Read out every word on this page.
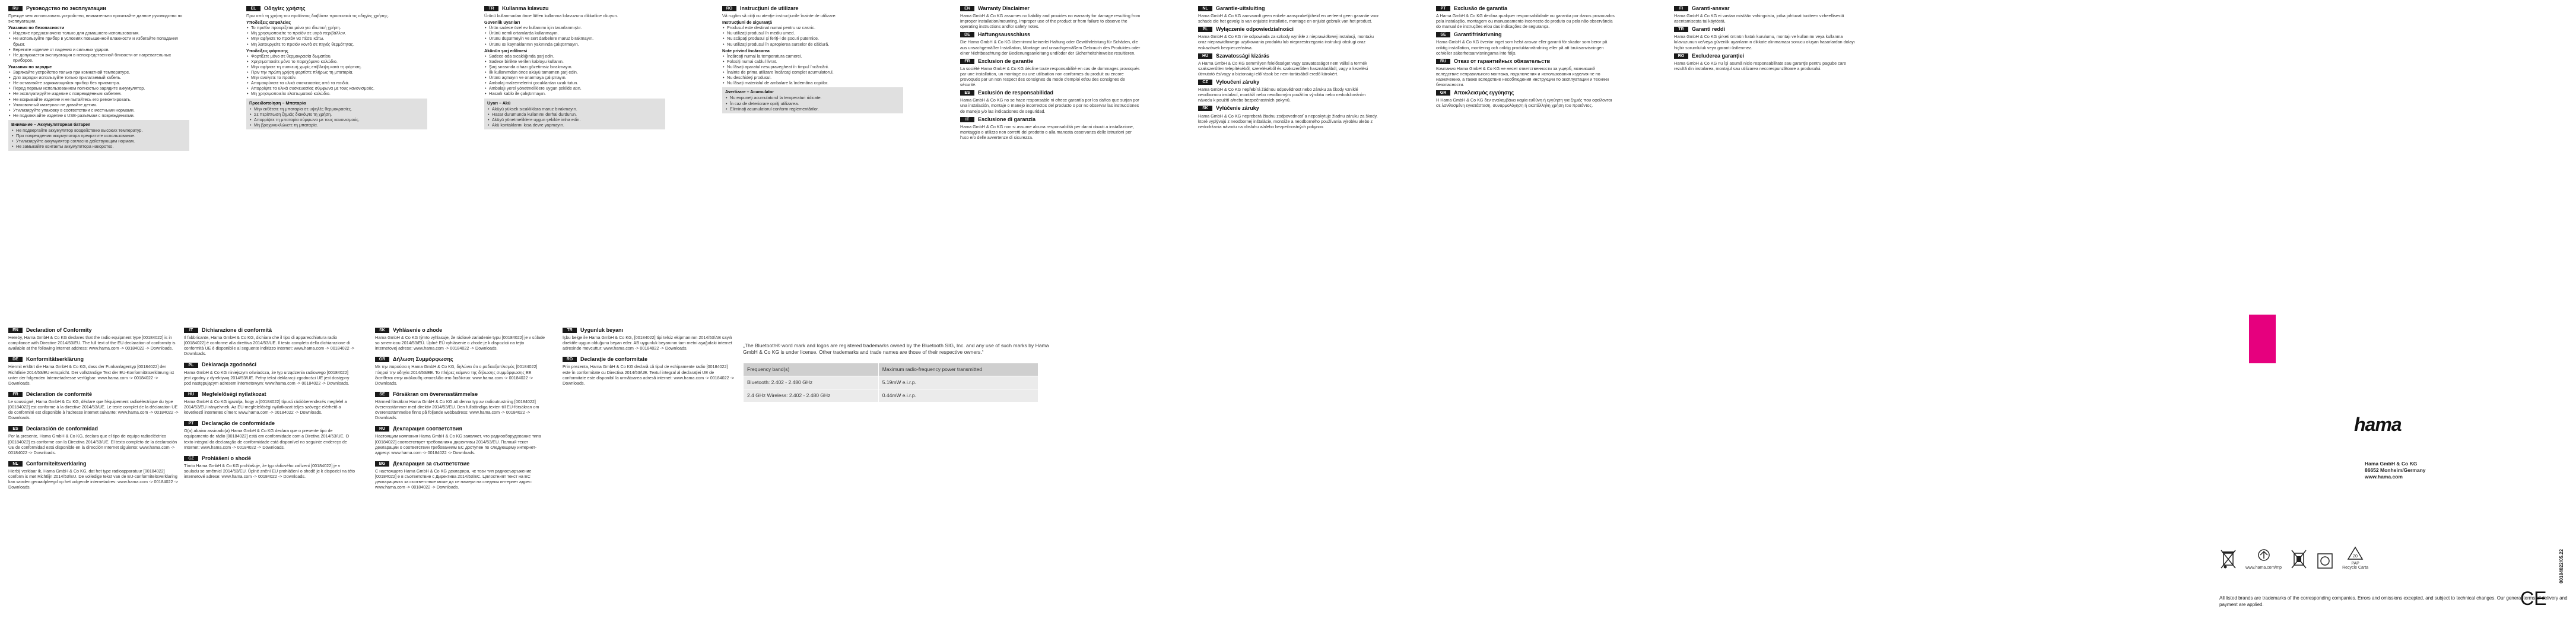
RU	Руководство по эксплуатации
Прежде чем использовать устройство, внимательно прочитайте данное руководство по эксплуатации.
Указания по безопасности
• Изделие предназначено только для домашнего использования.
• Не используйте прибор в условиях повышенной влажности и избегайте попадания брызг.
• Берегите изделие от падения и сильных ударов.
• Не допускается эксплуатация в непосредственной близости от нагревательных приборов.
Указания по зарядке
• Заряжайте устройство только при комнатной температуре.
• Для зарядки используйте только прилагаемый кабель.
• Не оставляйте заряжающийся прибор без присмотра.
• Перед первым использованием полностью зарядите аккумулятор.
• Не эксплуатируйте изделие с повреждённым кабелем.
• Не вскрывайте изделие и не пытайтесь его ремонтировать.
• Упаковочный материал не давайте детям.
• Утилизируйте упаковку в соответствии с местными нормами.
• Не подключайте изделие к USB‑разъёмам с повреждениями.
Внимание – Аккумуляторная батарея
• Не подвергайте аккумулятор воздействию высоких температур.
• При повреждении аккумулятора прекратите использование.
• Утилизируйте аккумулятор согласно действующим нормам.
• Не замыкайте контакты аккумулятора накоротко.
EL	Οδηγίες χρήσης
Πριν από τη χρήση του προϊόντος διαβάστε προσεκτικά τις οδηγίες χρήσης.
Υποδείξεις ασφαλείας
• Το προϊόν προορίζεται μόνο για ιδιωτική χρήση.
• Μη χρησιμοποιείτε το προϊόν σε υγρό περιβάλλον.
• Μην αφήνετε το προϊόν να πέσει κάτω.
• Μη λειτουργείτε το προϊόν κοντά σε πηγές θερμότητας.
Υποδείξεις φόρτισης
• Φορτίζετε μόνο σε θερμοκρασία δωματίου.
• Χρησιμοποιείτε μόνο το παρεχόμενο καλώδιο.
• Μην αφήνετε τη συσκευή χωρίς επίβλεψη κατά τη φόρτιση.
• Πριν την πρώτη χρήση φορτίστε πλήρως τη μπαταρία.
• Μην ανοίγετε το προϊόν.
• Απομακρύνετε τα υλικά συσκευασίας από τα παιδιά.
• Απορρίψτε τα υλικά συσκευασίας σύμφωνα με τους κανονισμούς.
• Μη χρησιμοποιείτε ελαττωματικό καλώδιο.
Προειδοποίηση – Μπαταρία
• Μην εκθέτετε τη μπαταρία σε υψηλές θερμοκρασίες.
• Σε περίπτωση ζημιάς διακόψτε τη χρήση.
• Απορρίψτε τη μπαταρία σύμφωνα με τους κανονισμούς.
• Μη βραχυκυκλώνετε τη μπαταρία.
TR	Kullanma kılavuzu
Ürünü kullanmadan önce lütfen kullanma kılavuzunu dikkatlice okuyun.
Güvenlik uyarıları
• Ürün sadece özel ev kullanımı için tasarlanmıştır.
• Ürünü nemli ortamlarda kullanmayın.
• Ürünü düşürmeyin ve sert darbelere maruz bırakmayın.
• Ürünü ısı kaynaklarının yakınında çalıştırmayın.
Akünün şarj edilmesi
• Sadece oda sıcaklığında şarj edin.
• Sadece birlikte verilen kabloyu kullanın.
• Şarj sırasında cihazı gözetimsiz bırakmayın.
• İlk kullanımdan önce aküyü tamamen şarj edin.
• Ürünü açmayın ve onarmaya çalışmayın.
• Ambalaj malzemelerini çocuklardan uzak tutun.
• Ambalajı yerel yönetmeliklere uygun şekilde atın.
• Hasarlı kablo ile çalıştırmayın.
Uyarı – Akü
• Aküyü yüksek sıcaklıklara maruz bırakmayın.
• Hasar durumunda kullanımı derhal durdurun.
• Aküyü yönetmeliklere uygun şekilde imha edin.
• Akü kontaklarını kısa devre yapmayın.
RO	Instrucţiuni de utilizare
Vă rugăm să citiţi cu atenţie instrucţiunile înainte de utilizare.
Instrucţiuni de siguranţă
• Produsul este destinat numai pentru uz casnic.
• Nu utilizaţi produsul în mediu umed.
• Nu scăpaţi produsul şi feriţi‑l de şocuri puternice.
• Nu utilizaţi produsul în apropierea surselor de căldură.
Note privind încărcarea
• Încărcaţi numai la temperatura camerei.
• Folosiţi numai cablul livrat.
• Nu lăsaţi aparatul nesupravegheat în timpul încărcării.
• Înainte de prima utilizare încărcaţi complet acumulatorul.
• Nu deschideţi produsul.
• Nu lăsaţi materialul de ambalare la îndemâna copiilor.
Avertizare – Acumulator
• Nu expuneţi acumulatorul la temperaturi ridicate.
• În caz de deteriorare opriţi utilizarea.
• Eliminaţi acumulatorul conform reglementărilor.
EN	Warranty Disclaimer
Hama GmbH & Co KG assumes no liability and provides no warranty for damage resulting from improper installation/mounting, improper use of the product or from failure to observe the operating instructions and/or safety notes.
DE	Haftungsausschluss
Die Hama GmbH & Co KG übernimmt keinerlei Haftung oder Gewährleistung für Schäden, die aus unsachgemäßer Installation, Montage und unsachgemäßem Gebrauch des Produktes oder einer Nichtbeachtung der Bedienungsanleitung und/oder der Sicherheitshinweise resultieren.
FR	Exclusion de garantie
La société Hama GmbH & Co KG décline toute responsabilité en cas de dommages provoqués par une installation, un montage ou une utilisation non conformes du produit ou encore provoqués par un non respect des consignes du mode d'emploi et/ou des consignes de sécurité.
ES	Exclusión de responsabilidad
Hama GmbH & Co KG no se hace responsable ni ofrece garantía por los daños que surjan por una instalación, montaje o manejo incorrectos del producto o por no observar las instrucciones de manejo y/o las indicaciones de seguridad.
IT	Esclusione di garanzia
Hama GmbH & Co KG non si assume alcuna responsabilità per danni dovuti a installazione, montaggio o utilizzo non corretti del prodotto o alla mancata osservanza delle istruzioni per l'uso e/o delle avvertenze di sicurezza.
NL	Garantie-uitsluiting
Hama GmbH & Co KG aanvaardt geen enkele aansprakelijkheid en verleent geen garantie voor schade die het gevolg is van onjuiste installatie, montage en onjuist gebruik van het product.
PL	Wyłączenie odpowiedzialności
Hama GmbH & Co KG nie odpowiada za szkody wynikłe z nieprawidłowej instalacji, montażu oraz nieprawidłowego użytkowania produktu lub nieprzestrzegania instrukcji obsługi oraz wskazówek bezpieczeństwa.
HU	Szavatossági kizárás
A Hama GmbH & Co KG semmilyen felelősséget vagy szavatosságot nem vállal a termék szakszerűtlen telepítéséből, szereléséből és szakszerűtlen használatából, vagy a kezelési útmutató és/vagy a biztonsági előírások be nem tartásából eredő károkért.
CZ	Vyloučení záruky
Hama GmbH & Co KG nepřebírá žádnou odpovědnost nebo záruku za škody vzniklé neodbornou instalací, montáží nebo neodborným použitím výrobku nebo nedodržováním návodu k použití a/nebo bezpečnostních pokynů.
SK	Vylúčenie záruky
Hama GmbH & Co KG nepreberá žiadnu zodpovednosť a neposkytuje žiadnu záruku za škody, ktoré vyplývajú z neodbornej inštalácie, montáže a neodborného používania výrobku alebo z nedodržania návodu na obsluhu a/alebo bezpečnostných pokynov.
PT	Exclusão de garantia
A Hama GmbH & Co KG declina qualquer responsabilidade ou garantia por danos provocados pela instalação, montagem ou manuseamento incorrecto do produto ou pela não observância do manual de instruções e/ou das indicações de segurança.
SE	Garantifriskrivning
Hama GmbH & Co KG övertar inget som helst ansvar eller garanti för skador som beror på oriktig installation, montering och oriktig produktanvändning eller på att bruksanvisningen och/eller säkerhetsanvisningarna inte följs.
RU	Отказ от гарантийных обязательств
Компания Hama GmbH & Co KG не несет ответственности за ущерб, возникший вследствие неправильного монтажа, подключения и использования изделия не по назначению, а также вследствие несоблюдения инструкции по эксплуатации и техники безопасности.
GR	Αποκλεισμός εγγύησης
Η Hama GmbH & Co KG δεν αναλαμβάνει καμία ευθύνη ή εγγύηση για ζημιές που οφείλονται σε λανθασμένη εγκατάσταση, συναρμολόγηση ή ακατάλληλη χρήση του προϊόντος.
FI	Garanti-ansvar
Hama GmbH & Co KG ei vastaa mistään vahingoista, jotka johtuvat tuotteen virheellisestä asentamisesta tai käytöstä.
TR	Garanti reddi
Hama GmbH & Co KG şirketi ürünün hatalı kurulumu, montajı ve kullanımı veya kullanma kılavuzunun ve/veya güvenlik uyarılarının dikkate alınmaması sonucu oluşan hasarlardan dolayı hiçbir sorumluluk veya garanti üstlenmez.
RO	Excluderea garanţiei
Hama GmbH & Co KG nu îşi asumă nicio responsabilitate sau garanţie pentru pagube care rezultă din instalarea, montajul sau utilizarea necorespunzătoare a produsului.
EN	Declaration of Conformity
Hereby, Hama GmbH & Co KG declares that the radio equipment type [00184022] is in compliance with Directive 2014/53/EU. The full text of the EU declaration of conformity is available at the following internet address: www.hama.com -> 00184022 -> Downloads.
DE	Konformitätserklärung
Hiermit erklärt die Hama GmbH & Co KG, dass der Funkanlagentyp [00184022] der Richtlinie 2014/53/EU entspricht. Der vollständige Text der EU-Konformitätserklärung ist unter der folgenden Internetadresse verfügbar: www.hama.com -> 00184022 -> Downloads.
FR	Déclaration de conformité
Le soussigné, Hama GmbH & Co KG, déclare que l'équipement radioélectrique du type [00184022] est conforme à la directive 2014/53/UE. Le texte complet de la déclaration UE de conformité est disponible à l'adresse internet suivante: www.hama.com -> 00184022 -> Downloads.
ES	Declaración de conformidad
Por la presente, Hama GmbH & Co KG, declara que el tipo de equipo radioeléctrico [00184022] es conforme con la Directiva 2014/53/UE. El texto completo de la declaración UE de conformidad está disponible en la dirección Internet siguiente: www.hama.com -> 00184022 -> Downloads.
NL	Conformiteitsverklaring
Hierbij verklaar ik, Hama GmbH & Co KG, dat het type radioapparatuur [00184022] conform is met Richtlijn 2014/53/EU. De volledige tekst van de EU-conformiteitsverklaring kan worden geraadpleegd op het volgende internetadres: www.hama.com -> 00184022 -> Downloads.
IT	Dichiarazione di conformità
Il fabbricante, Hama GmbH & Co KG, dichiara che il tipo di apparecchiatura radio [00184022] è conforme alla direttiva 2014/53/UE. Il testo completo della dichiarazione di conformità UE è disponibile al seguente indirizzo Internet: www.hama.com -> 00184022 -> Downloads.
PL	Deklaracja zgodności
Hama GmbH & Co KG niniejszym oświadcza, że typ urządzenia radiowego [00184022] jest zgodny z dyrektywą 2014/53/UE. Pełny tekst deklaracji zgodności UE jest dostępny pod następującym adresem internetowym: www.hama.com -> 00184022 -> Downloads.
HU	Megfelelőségi nyilatkozat
Hama GmbH & Co KG igazolja, hogy a [00184022] típusú rádióberendezés megfelel a 2014/53/EU irányelvnek. Az EU-megfelelőségi nyilatkozat teljes szövege elérhető a következő internetes címen: www.hama.com -> 00184022 -> Downloads.
PT	Declaração de conformidade
O(a) abaixo assinado(a) Hama GmbH & Co KG declara que o presente tipo de equipamento de rádio [00184022] está em conformidade com a Diretiva 2014/53/UE. O texto integral da declaração de conformidade está disponível no seguinte endereço de Internet: www.hama.com -> 00184022 -> Downloads.
CZ	Prohlášení o shodě
Tímto Hama GmbH & Co KG prohlašuje, že typ rádiového zařízení [00184022] je v souladu se směrnicí 2014/53/EU. Úplné znění EU prohlášení o shodě je k dispozici na této internetové adrese: www.hama.com -> 00184022 -> Downloads.
SK	Vyhlásenie o zhode
Hama GmbH & Co KG týmto vyhlasuje, že rádiové zariadenie typu [00184022] je v súlade so smernicou 2014/53/EÚ. Úplné EÚ vyhlásenie o zhode je k dispozícii na tejto internetovej adrese: www.hama.com -> 00184022 -> Downloads.
GR	Δήλωση Συμμόρφωσης
Με την παρούσα η Hama GmbH & Co KG, δηλώνει ότι ο ραδιοεξοπλισμός [00184022] πληροί την οδηγία 2014/53/ΕΕ. Το πλήρες κείμενο της δήλωσης συμμόρφωσης ΕΕ διατίθεται στην ακόλουθη ιστοσελίδα στο διαδίκτυο: www.hama.com -> 00184022 -> Downloads.
SE	Försäkran om överensstämmelse
Härmed försäkrar Hama GmbH & Co KG att denna typ av radioutrustning [00184022] överensstämmer med direktiv 2014/53/EU. Den fullständiga texten till EU-försäkran om överensstämmelse finns på följande webbadress: www.hama.com -> 00184022 -> Downloads.
RU	Декларация соответствия
Настоящим компания Hama GmbH & Co KG заявляет, что радиооборудование типа [00184022] соответствует требованиям директивы 2014/53/EU. Полный текст декларации о соответствии требованиям ЕС доступен по следующему интернет-адресу: www.hama.com -> 00184022 -> Downloads.
BG	Декларация за съответствие
С настоящото Hama GmbH & Co KG декларира, че този тип радиосъоръжение [00184022] е в съответствие с Директива 2014/53/ЕС. Цялостният текст на ЕС декларацията за съответствие може да се намери на следния интернет адрес: www.hama.com -> 00184022 -> Downloads.
TR	Uygunluk beyanı
İşbu belge ile Hama GmbH & Co KG, [00184022] tipi telsiz ekipmanının 2014/53/AB sayılı direktife uygun olduğunu beyan eder. AB uygunluk beyanının tam metni aşağıdaki internet adresinde mevcuttur: www.hama.com -> 00184022 -> Downloads.
RO	Declaraţie de conformitate
Prin prezenta, Hama GmbH & Co KG declară că tipul de echipamente radio [00184022] este în conformitate cu Directiva 2014/53/UE. Textul integral al declarației UE de conformitate este disponibil la următoarea adresă internet: www.hama.com -> 00184022 -> Downloads.
„The Bluetooth® word mark and logos are registered trademarks owned by the Bluetooth SIG, Inc. and any use of such marks by Hama GmbH & Co KG is under license. Other trademarks and trade names are those of their respective owners.“
Frequency band(s)	Maximum radio-frequency power transmitted
Bluetooth: 2.402 - 2.480 GHz	5.19mW e.i.r.p.
2.4 GHz Wireless: 2.402 - 2.480 GHz	0.44mW e.i.r.p.
hama
Hama GmbH & Co KG
86652 Monheim/Germany
www.hama.com
www.hama.com/mp
20
PAP
Recycle Carta
All listed brands are trademarks of the corresponding companies. Errors and omissions excepted, and subject to technical changes. Our general terms of delivery and payment are applied.	CE
00184022/05.22
